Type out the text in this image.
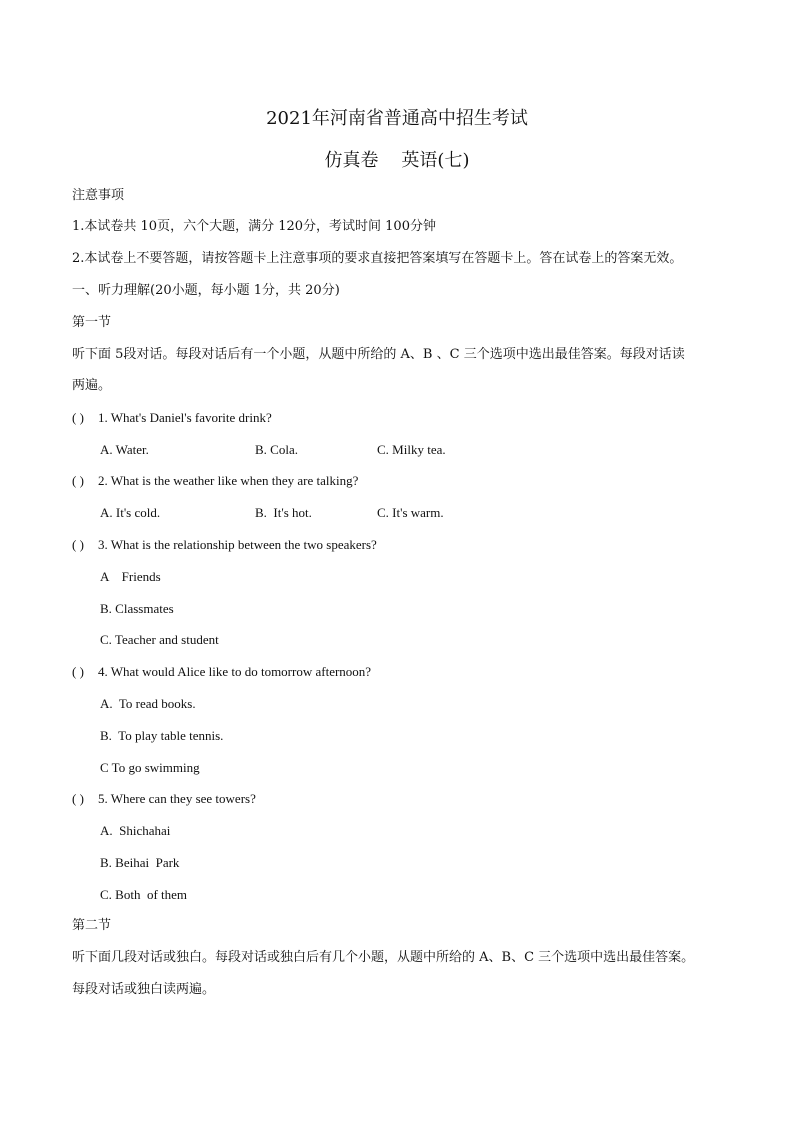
2021年河南省普通高中招生考试
仿真卷    英语(七)
注意事项
1.本试卷共 10页，六个大题，满分 120分，考试时间 100分钟
2.本试卷上不要答题，请按答题卡上注意事项的要求直接把答案填写在答题卡上。答在试卷上的答案无效。
一、听力理解(20小题，每小题 1分，共 20分)
第一节
听下面 5段对话。每段对话后有一个小题，从题中所给的 A、B 、C 三个选项中选出最佳答案。每段对话读
两遍。
( ) 1. What's Daniel's favorite drink?
A. Water.	B. Cola.	C. Milky tea.
( ) 2. What is the weather like when they are talking?
A. It's cold.	B.  It's hot.	C. It's warm.
( ) 3. What is the relationship between the two speakers?
A    Friends
B. Classmates
C. Teacher and student
( ) 4. What would Alice like to do tomorrow afternoon?
A.  To read books.
B.  To play table tennis.
C To go swimming
( ) 5. Where can they see towers?
A.  Shichahai
B. Beihai  Park
C. Both  of them
第二节
听下面几段对话或独白。每段对话或独白后有几个小题，从题中所给的 A、B、C 三个选项中选出最佳答案。
每段对话或独白读两遍。
